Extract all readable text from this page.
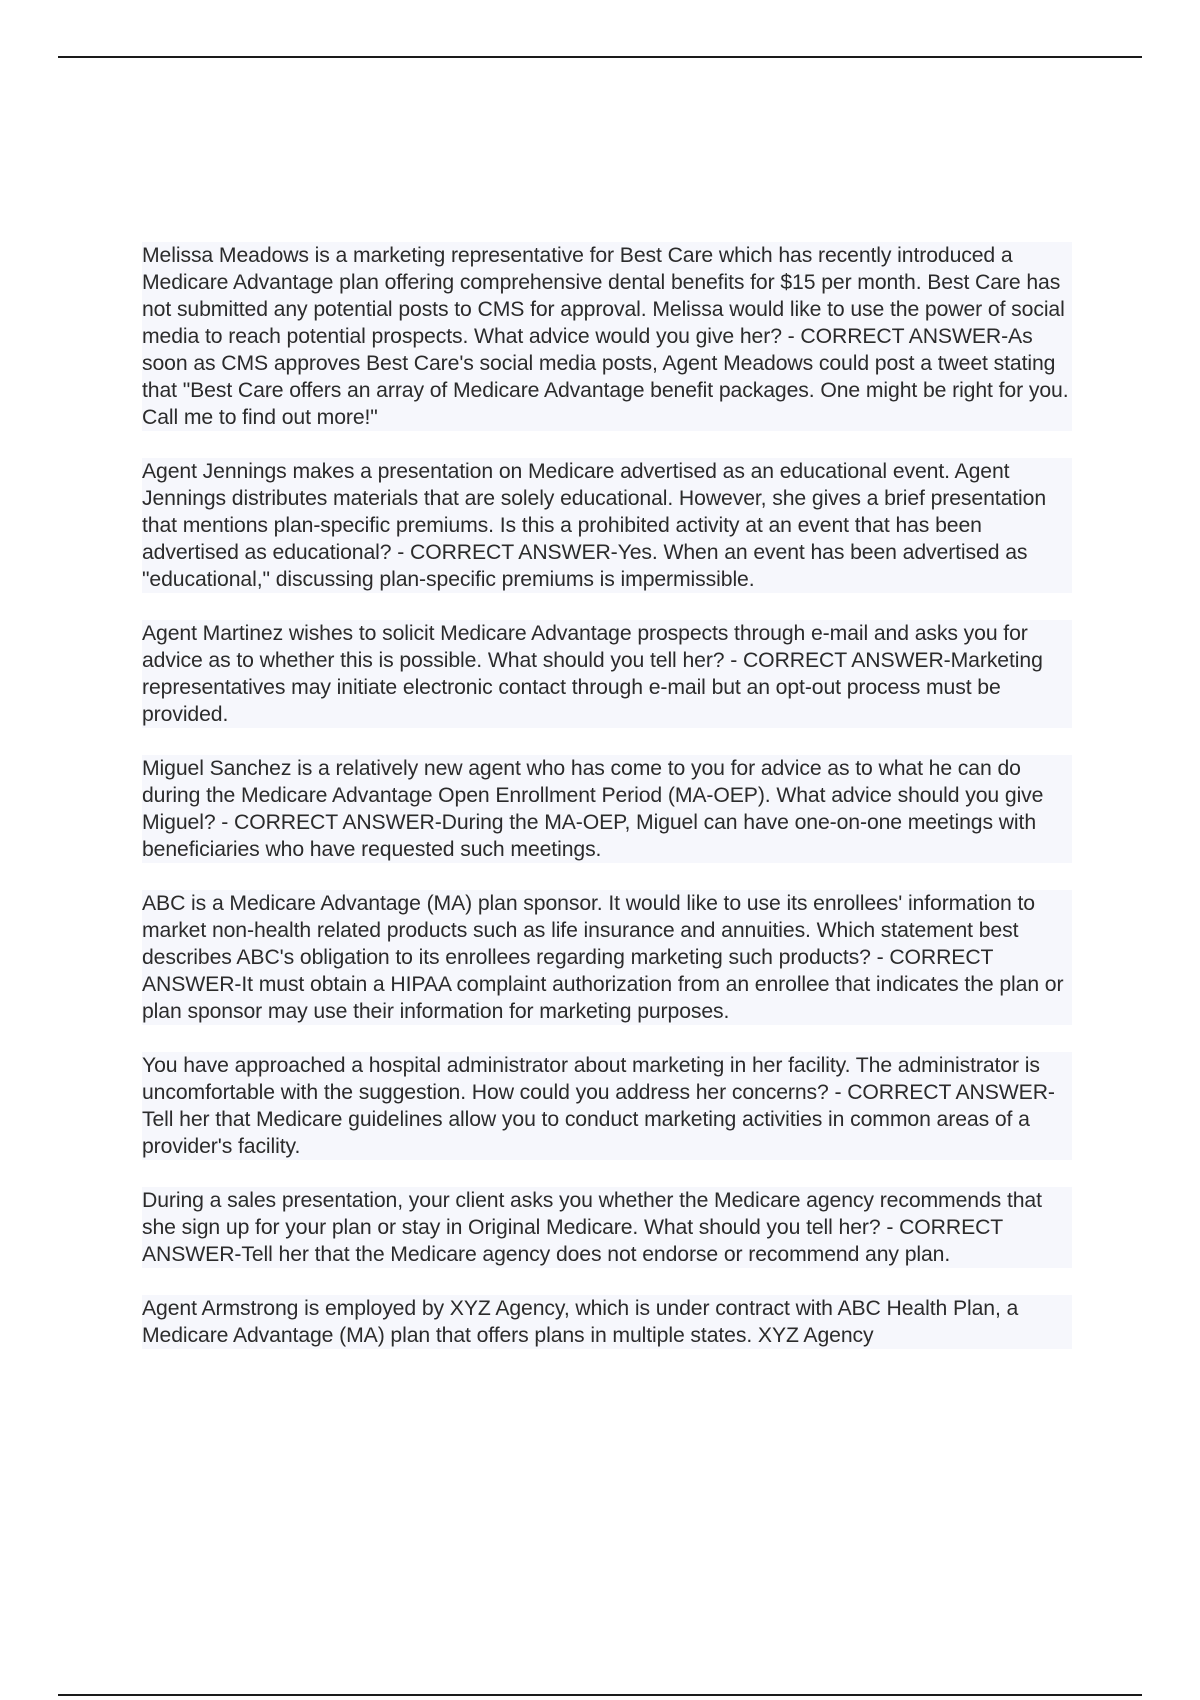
Melissa Meadows is a marketing representative for Best Care which has recently introduced a Medicare Advantage plan offering comprehensive dental benefits for $15 per month. Best Care has not submitted any potential posts to CMS for approval. Melissa would like to use the power of social media to reach potential prospects. What advice would you give her? - CORRECT ANSWER-As soon as CMS approves Best Care's social media posts, Agent Meadows could post a tweet stating that "Best Care offers an array of Medicare Advantage benefit packages. One might be right for you. Call me to find out more!"

Agent Jennings makes a presentation on Medicare advertised as an educational event. Agent Jennings distributes materials that are solely educational. However, she gives a brief presentation that mentions plan-specific premiums. Is this a prohibited activity at an event that has been advertised as educational? - CORRECT ANSWER-Yes. When an event has been advertised as "educational," discussing plan-specific premiums is impermissible.

Agent Martinez wishes to solicit Medicare Advantage prospects through e-mail and asks you for advice as to whether this is possible. What should you tell her? - CORRECT ANSWER-Marketing representatives may initiate electronic contact through e-mail but an opt-out process must be provided.

Miguel Sanchez is a relatively new agent who has come to you for advice as to what he can do during the Medicare Advantage Open Enrollment Period (MA-OEP). What advice should you give Miguel? - CORRECT ANSWER-During the MA-OEP, Miguel can have one-on-one meetings with beneficiaries who have requested such meetings.

ABC is a Medicare Advantage (MA) plan sponsor. It would like to use its enrollees' information to market non-health related products such as life insurance and annuities. Which statement best describes ABC's obligation to its enrollees regarding marketing such products? - CORRECT ANSWER-It must obtain a HIPAA complaint authorization from an enrollee that indicates the plan or plan sponsor may use their information for marketing purposes.

You have approached a hospital administrator about marketing in her facility. The administrator is uncomfortable with the suggestion. How could you address her concerns? - CORRECT ANSWER-Tell her that Medicare guidelines allow you to conduct marketing activities in common areas of a provider's facility.

During a sales presentation, your client asks you whether the Medicare agency recommends that she sign up for your plan or stay in Original Medicare. What should you tell her? - CORRECT ANSWER-Tell her that the Medicare agency does not endorse or recommend any plan.

Agent Armstrong is employed by XYZ Agency, which is under contract with ABC Health Plan, a Medicare Advantage (MA) plan that offers plans in multiple states. XYZ Agency
